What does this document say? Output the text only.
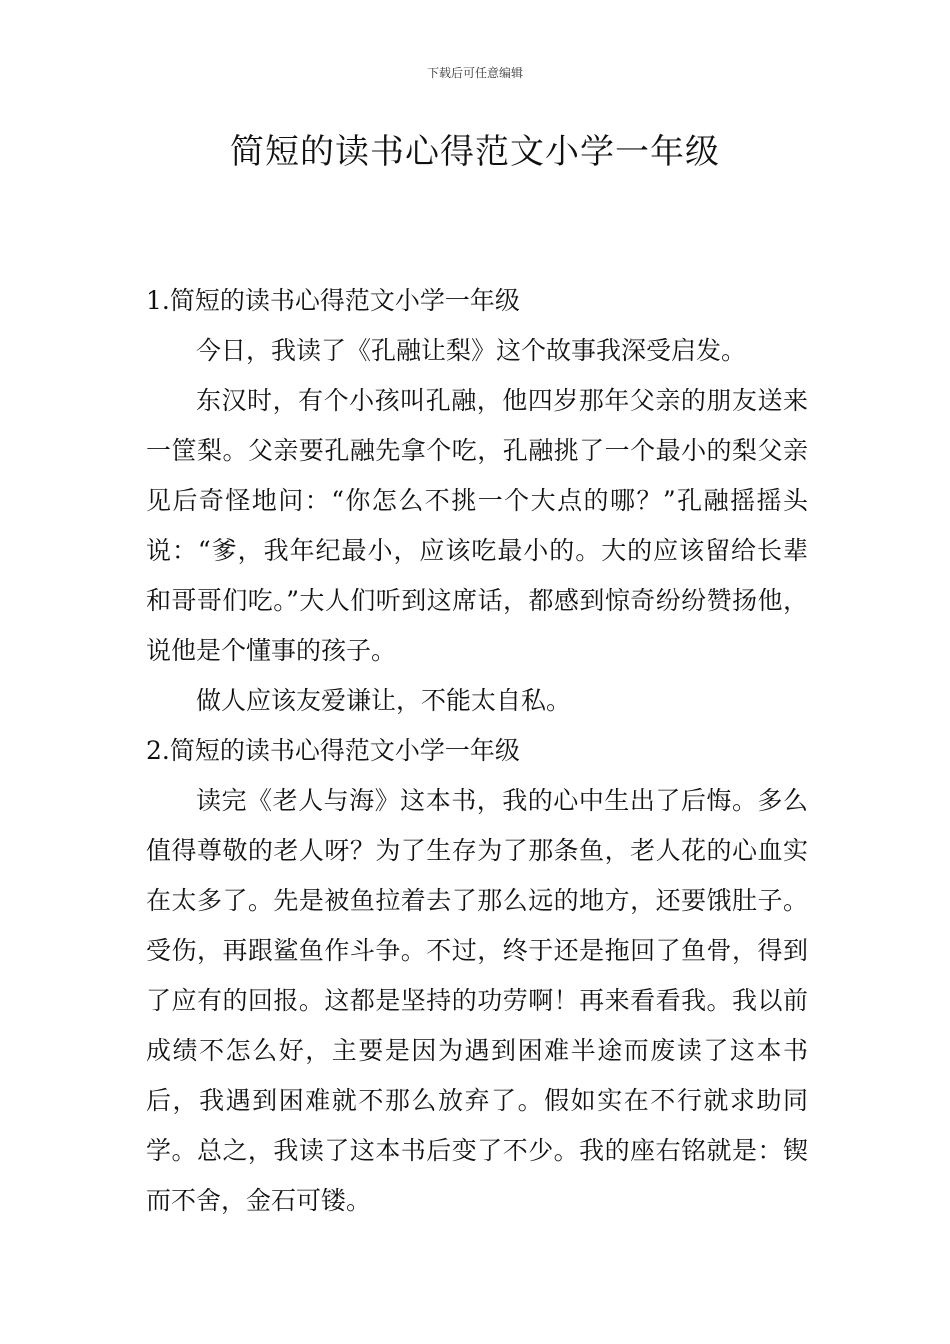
下载后可任意编辑
简短的读书心得范文小学一年级

1.简短的读书心得范文小学一年级

今日，我读了《孔融让梨》这个故事我深受启发。

东汉时，有个小孩叫孔融，他四岁那年父亲的朋友送来一筐梨。父亲要孔融先拿个吃，孔融挑了一个最小的梨父亲见后奇怪地问：“你怎么不挑一个大点的哪？”孔融摇摇头说：“爹，我年纪最小，应该吃最小的。大的应该留给长辈和哥哥们吃。”大人们听到这席话，都感到惊奇纷纷赞扬他，说他是个懂事的孩子。

做人应该友爱谦让，不能太自私。

2.简短的读书心得范文小学一年级

读完《老人与海》这本书，我的心中生出了后悔。多么值得尊敬的老人呀？为了生存为了那条鱼，老人花的心血实在太多了。先是被鱼拉着去了那么远的地方，还要饿肚子。受伤，再跟鲨鱼作斗争。不过，终于还是拖回了鱼骨，得到了应有的回报。这都是坚持的功劳啊！再来看看我。我以前成绩不怎么好，主要是因为遇到困难半途而废读了这本书后，我遇到困难就不那么放弃了。假如实在不行就求助同学。总之，我读了这本书后变了不少。我的座右铭就是：锲而不舍，金石可镂。
